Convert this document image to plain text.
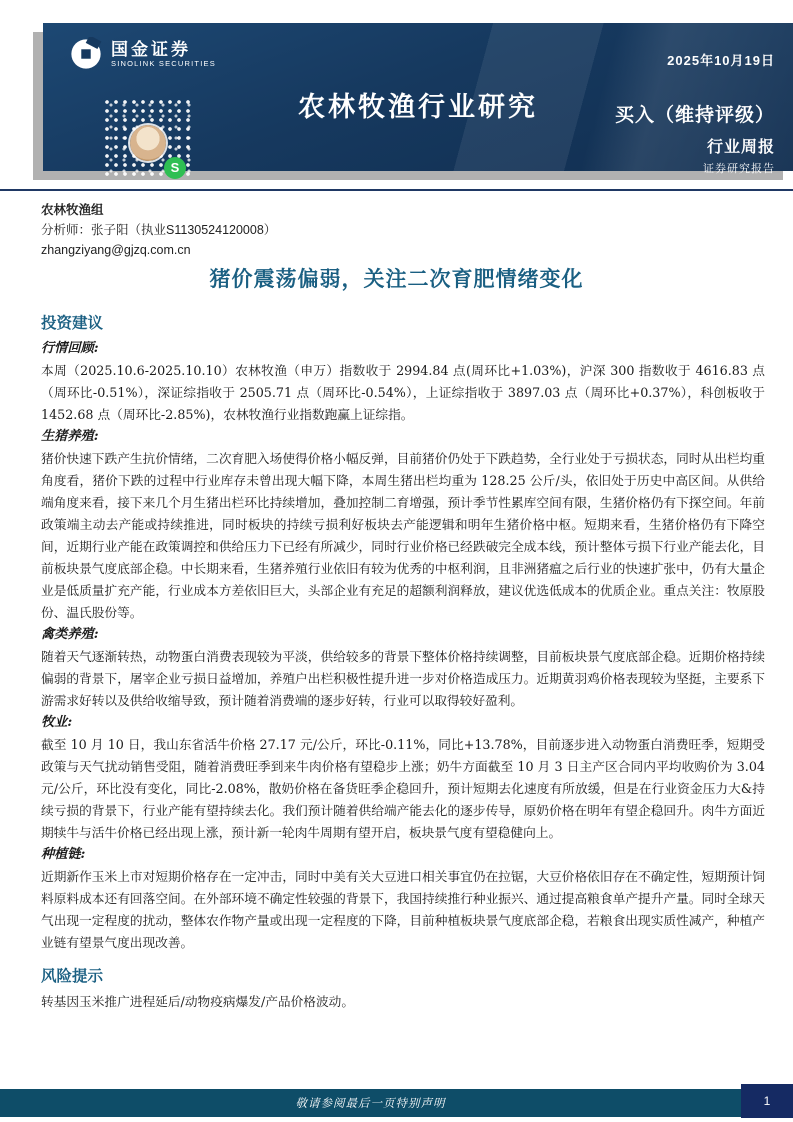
国金证券
SINOLINK SECURITIES
S
农林牧渔行业研究
2025年10月19日
买入（维持评级）
行业周报
证券研究报告
农林牧渔组
分析师：张子阳（执业S1130524120008）
zhangziyang@gjzq.com.cn
猪价震荡偏弱，关注二次育肥情绪变化
投资建议
行情回顾:

本周（2025.10.6-2025.10.10）农林牧渔（申万）指数收于 2994.84 点(周环比+1.03%)，沪深 300 指数收于 4616.83 点（周环比-0.51%），深证综指收于 2505.71 点（周环比-0.54%），上证综指收于 3897.03 点（周环比+0.37%），科创板收于 1452.68 点（周环比-2.85%)，农林牧渔行业指数跑赢上证综指。

生猪养殖:

猪价快速下跌产生抗价情绪，二次育肥入场使得价格小幅反弹，目前猪价仍处于下跌趋势，全行业处于亏损状态，同时从出栏均重角度看，猪价下跌的过程中行业库存未曾出现大幅下降，本周生猪出栏均重为 128.25 公斤/头，依旧处于历史中高区间。从供给端角度来看，接下来几个月生猪出栏环比持续增加，叠加控制二育增强，预计季节性累库空间有限，生猪价格仍有下探空间。年前政策端主动去产能或持续推进，同时板块的持续亏损利好板块去产能逻辑和明年生猪价格中枢。短期来看，生猪价格仍有下降空间，近期行业产能在政策调控和供给压力下已经有所减少，同时行业价格已经跌破完全成本线，预计整体亏损下行业产能去化，目前板块景气度底部企稳。中长期来看，生猪养殖行业依旧有较为优秀的中枢利润，且非洲猪瘟之后行业的快速扩张中，仍有大量企业是低质量扩充产能，行业成本方差依旧巨大，头部企业有充足的超额利润释放，建议优选低成本的优质企业。重点关注：牧原股份、温氏股份等。

禽类养殖:

随着天气逐渐转热，动物蛋白消费表现较为平淡，供给较多的背景下整体价格持续调整，目前板块景气度底部企稳。近期价格持续偏弱的背景下，屠宰企业亏损日益增加，养殖户出栏积极性提升进一步对价格造成压力。近期黄羽鸡价格表现较为坚挺，主要系下游需求好转以及供给收缩导致，预计随着消费端的逐步好转，行业可以取得较好盈利。

牧业:

截至 10 月 10 日，我山东省活牛价格 27.17 元/公斤，环比-0.11%，同比+13.78%，目前逐步进入动物蛋白消费旺季，短期受政策与天气扰动销售受阻，随着消费旺季到来牛肉价格有望稳步上涨；奶牛方面截至 10 月 3 日主产区合同内平均收购价为 3.04 元/公斤，环比没有变化，同比-2.08%，散奶价格在备货旺季企稳回升，预计短期去化速度有所放缓，但是在行业资金压力大&持续亏损的背景下，行业产能有望持续去化。我们预计随着供给端产能去化的逐步传导，原奶价格在明年有望企稳回升。肉牛方面近期犊牛与活牛价格已经出现上涨，预计新一轮肉牛周期有望开启，板块景气度有望稳健向上。

种植链:

近期新作玉米上市对短期价格存在一定冲击，同时中美有关大豆进口相关事宜仍在拉锯，大豆价格依旧存在不确定性，短期预计饲料原料成本还有回落空间。在外部环境不确定性较强的背景下，我国持续推行种业振兴、通过提高粮食单产提升产量。同时全球天气出现一定程度的扰动，整体农作物产量或出现一定程度的下降，目前种植板块景气度底部企稳，若粮食出现实质性减产，种植产业链有望景气度出现改善。

风险提示

转基因玉米推广进程延后/动物疫病爆发/产品价格波动。

敬请参阅最后一页特别声明	1
